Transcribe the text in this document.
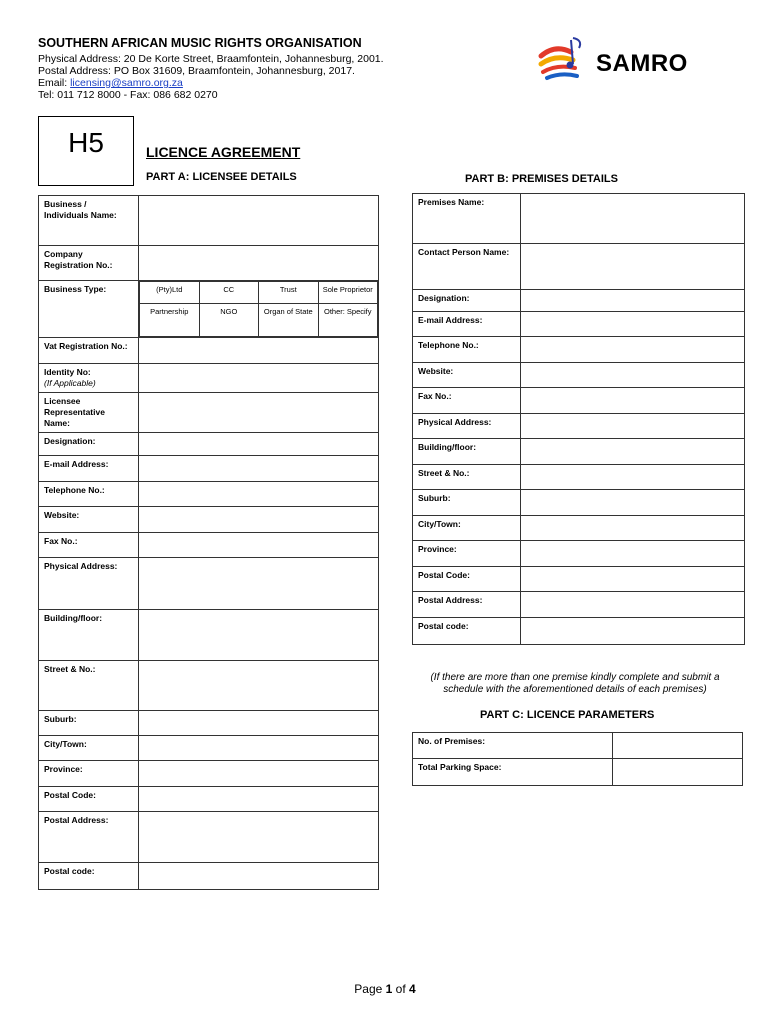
SOUTHERN AFRICAN MUSIC RIGHTS ORGANISATION
Physical Address: 20 De Korte Street, Braamfontein, Johannesburg, 2001.
Postal Address: PO Box 31609, Braamfontein, Johannesburg, 2017.
Email: licensing@samro.org.za
Tel: 011 712 8000 - Fax: 086 682 0270
SAMRO
H5	LICENCE AGREEMENT
PART A: LICENSEE DETAILS	PART B: PREMISES DETAILS
Business / Individuals Name:	
Company Registration No.:	
Business Type:		(Pty)Ltd	CC	Trust	Sole Proprietor
Partnership	NGO	Organ of State	Other: Specify

Vat Registration No.:	
Identity No:
(If Applicable)	
Licensee Representative Name:	
Designation:	
E-mail Address:	
Telephone No.:	
Website:	
Fax No.:	
Physical Address:	
Building/floor:	
Street & No.:	
Suburb:	
City/Town:	
Province:	
Postal Code:	
Postal Address:	
Postal code:	
Premises Name:	
Contact Person Name:	
Designation:	
E-mail Address:	
Telephone No.:	
Website:	
Fax No.:	
Physical Address:	
Building/floor:	
Street & No.:	
Suburb:	
City/Town:	
Province:	
Postal Code:	
Postal Address:	
Postal code:	
(If there are more than one premise kindly complete and submit a schedule with the aforementioned details of each premises)
PART C: LICENCE PARAMETERS
No. of Premises:	
Total Parking Space:	
Page 1 of 4
